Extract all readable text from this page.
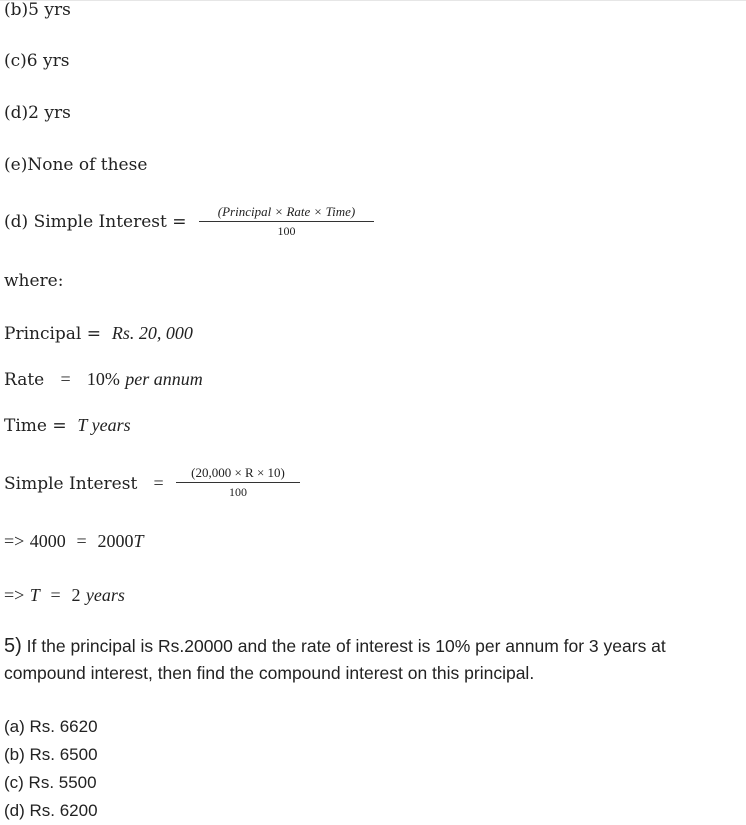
(b)5 yrs
(c)6 yrs
(d)2 yrs
(e)None of these
(d) Simple Interest =
(Principal × Rate × Time)
100
where:
Principal = Rs. 20, 000
Rate = 10% per annum
Time = T years
Simple Interest = $\frac{(20,000 \times R \times 10)}{100}$
=> 4000 = 2000T
=> T = 2 years
5) If the principal is Rs.20000 and the rate of interest is 10% per annum for 3 years at
compound interest, then find the compound interest on this principal.
(a) Rs. 6620
(b) Rs. 6500
(c) Rs. 5500
(d) Rs. 6200
